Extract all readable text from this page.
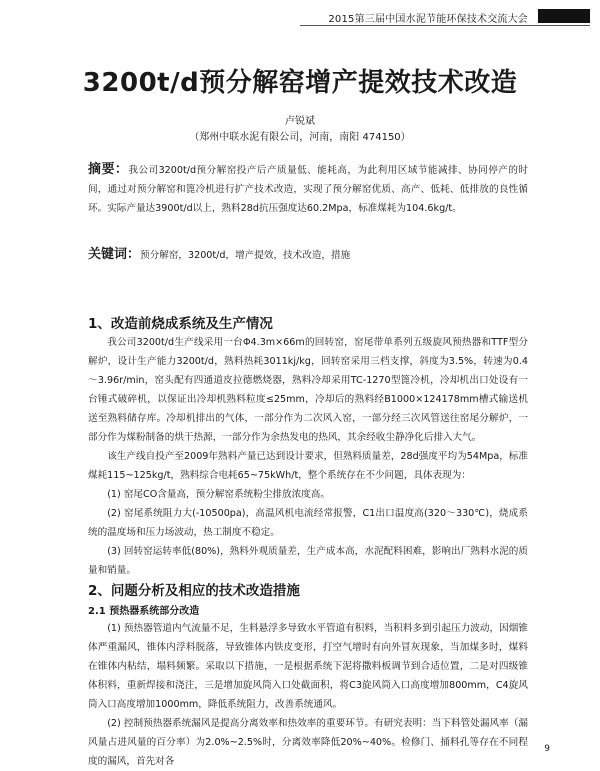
2015第三届中国水泥节能环保技术交流大会
3200t/d预分解窑增产提效技术改造
卢锐斌
（郑州中联水泥有限公司，河南，南阳 474150）
摘要：我公司3200t/d预分解窑投产后产质量低、能耗高，为此利用区域节能减排、协同停产的时间，通过对预分解窑和篦冷机进行扩产技术改造，实现了预分解窑优质、高产、低耗、低排放的良性循环。实际产量达3900t/d以上，熟料28d抗压强度达60.2Mpa，标准煤耗为104.6kg/t。
关键词：预分解窑，3200t/d，增产提效，技术改造，措施
1、改造前烧成系统及生产情况
我公司3200t/d生产线采用一台Φ4.3m×66m的回转窑，窑尾带单系列五级旋风预热器和TTF型分解炉，设计生产能力3200t/d，熟料热耗3011kj/kg，回转窑采用三档支撑，斜度为3.5%，转速为0.4～3.96r/min，窑头配有四通道皮拉德燃烧器，熟料冷却采用TC-1270型篦冷机，冷却机出口处设有一台锤式破碎机，以保证出冷却机熟料粒度≤25mm，冷却后的熟料经B1000×124178mm槽式输送机送至熟料储存库。冷却机排出的气体，一部分作为二次风入窑，一部分经三次风管送往窑尾分解炉，一部分作为煤粉制备的烘干热源，一部分作为余热发电的热风，其余经收尘静净化后排入大气。
该生产线自投产至2009年熟料产量已达到设计要求，但熟料质量差，28d强度平均为54Mpa，标准煤耗115~125kg/t，熟料综合电耗65~75kWh/t，整个系统存在不少问题，具体表现为：
(1) 窑尾CO含量高，预分解窑系统粉尘排放浓度高。
(2) 窑尾系统阻力大(-10500pa)，高温风机电流经常报警，C1出口温度高(320～330℃)，烧成系统的温度场和压力场波动，热工制度不稳定。
(3) 回转窑运转率低(80%)，熟料外观质量差，生产成本高，水泥配料困难，影响出厂熟料水泥的质量和销量。
2、问题分析及相应的技术改造措施
2.1 预热器系统部分改造
(1) 预热器管道内气流量不足，生料悬浮多导致水平管道有积料，当积料多到引起压力波动，因烟锥体严重漏风，锥体内浮料脱落，导致锥体内铁皮变形，打空气增时有向外冒灰现象，当加煤多时，煤料在锥体内粘结，塌料频繁。采取以下措施，一是根据系统下泥将撒料板调节到合适位置，二是对四级锥体积料，重新焊接和浇注，三是增加旋风筒入口处截面积，将C3旋风筒入口高度增加800mm，C4旋风筒入口高度增加1000mm，降低系统阻力，改善系统通风。
(2) 控制预热器系统漏风是提高分离效率和热效率的重要环节。有研究表明：当下料管处漏风率（漏风量占进风量的百分率）为2.0%~2.5%时，分离效率降低20%~40%。检修门、捅料孔等存在不同程度的漏风，首先对各
9
